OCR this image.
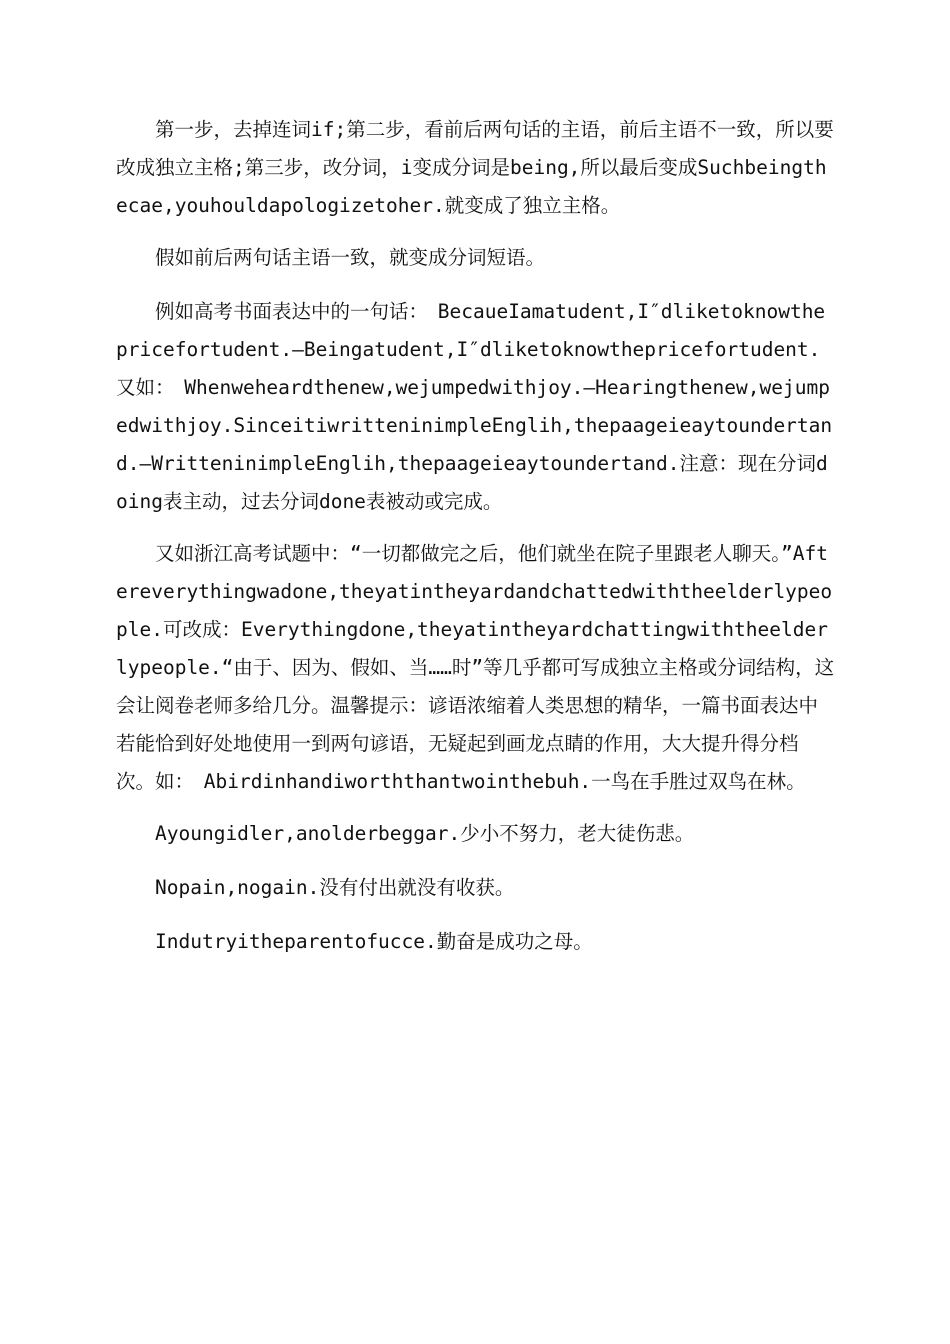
第一步，去掉连词if;第二步，看前后两句话的主语，前后主语不一致，所以要改成独立主格;第三步，改分词，i变成分词是being,所以最后变成Suchbeingthecae,youhouldapologizetoher.就变成了独立主格。

假如前后两句话主语一致，就变成分词短语。

例如高考书面表达中的一句话：　BecaueIamatudent,I″dliketoknowthepricefortudent.—Beingatudent,I″dliketoknowthepricefortudent.又如：　Whenweheardthenew,wejumpedwithjoy.—Hearingthenew,wejumpedwithjoy.SinceitiwritteninimpleEnglih,thepaageieaytoundertand.—WritteninimpleEnglih,thepaageieaytoundertand.注意：现在分词doing表主动，过去分词done表被动或完成。

又如浙江高考试题中：“一切都做完之后，他们就坐在院子里跟老人聊天。”Aftereverythingwadone,theyatintheyardandchattedwiththeelderlypeople.可改成：Everythingdone,theyatintheyardchattingwiththeelderlypeople.“由于、因为、假如、当……时”等几乎都可写成独立主格或分词结构，这会让阅卷老师多给几分。温馨提示：谚语浓缩着人类思想的精华，一篇书面表达中若能恰到好处地使用一到两句谚语，无疑起到画龙点睛的作用，大大提升得分档次。如：　Abirdinhandiworththantwointhebuh.一鸟在手胜过双鸟在林。

Ayoungidler,anolderbeggar.少小不努力，老大徒伤悲。

Nopain,nogain.没有付出就没有收获。

Indutryitheparentofucce.勤奋是成功之母。
